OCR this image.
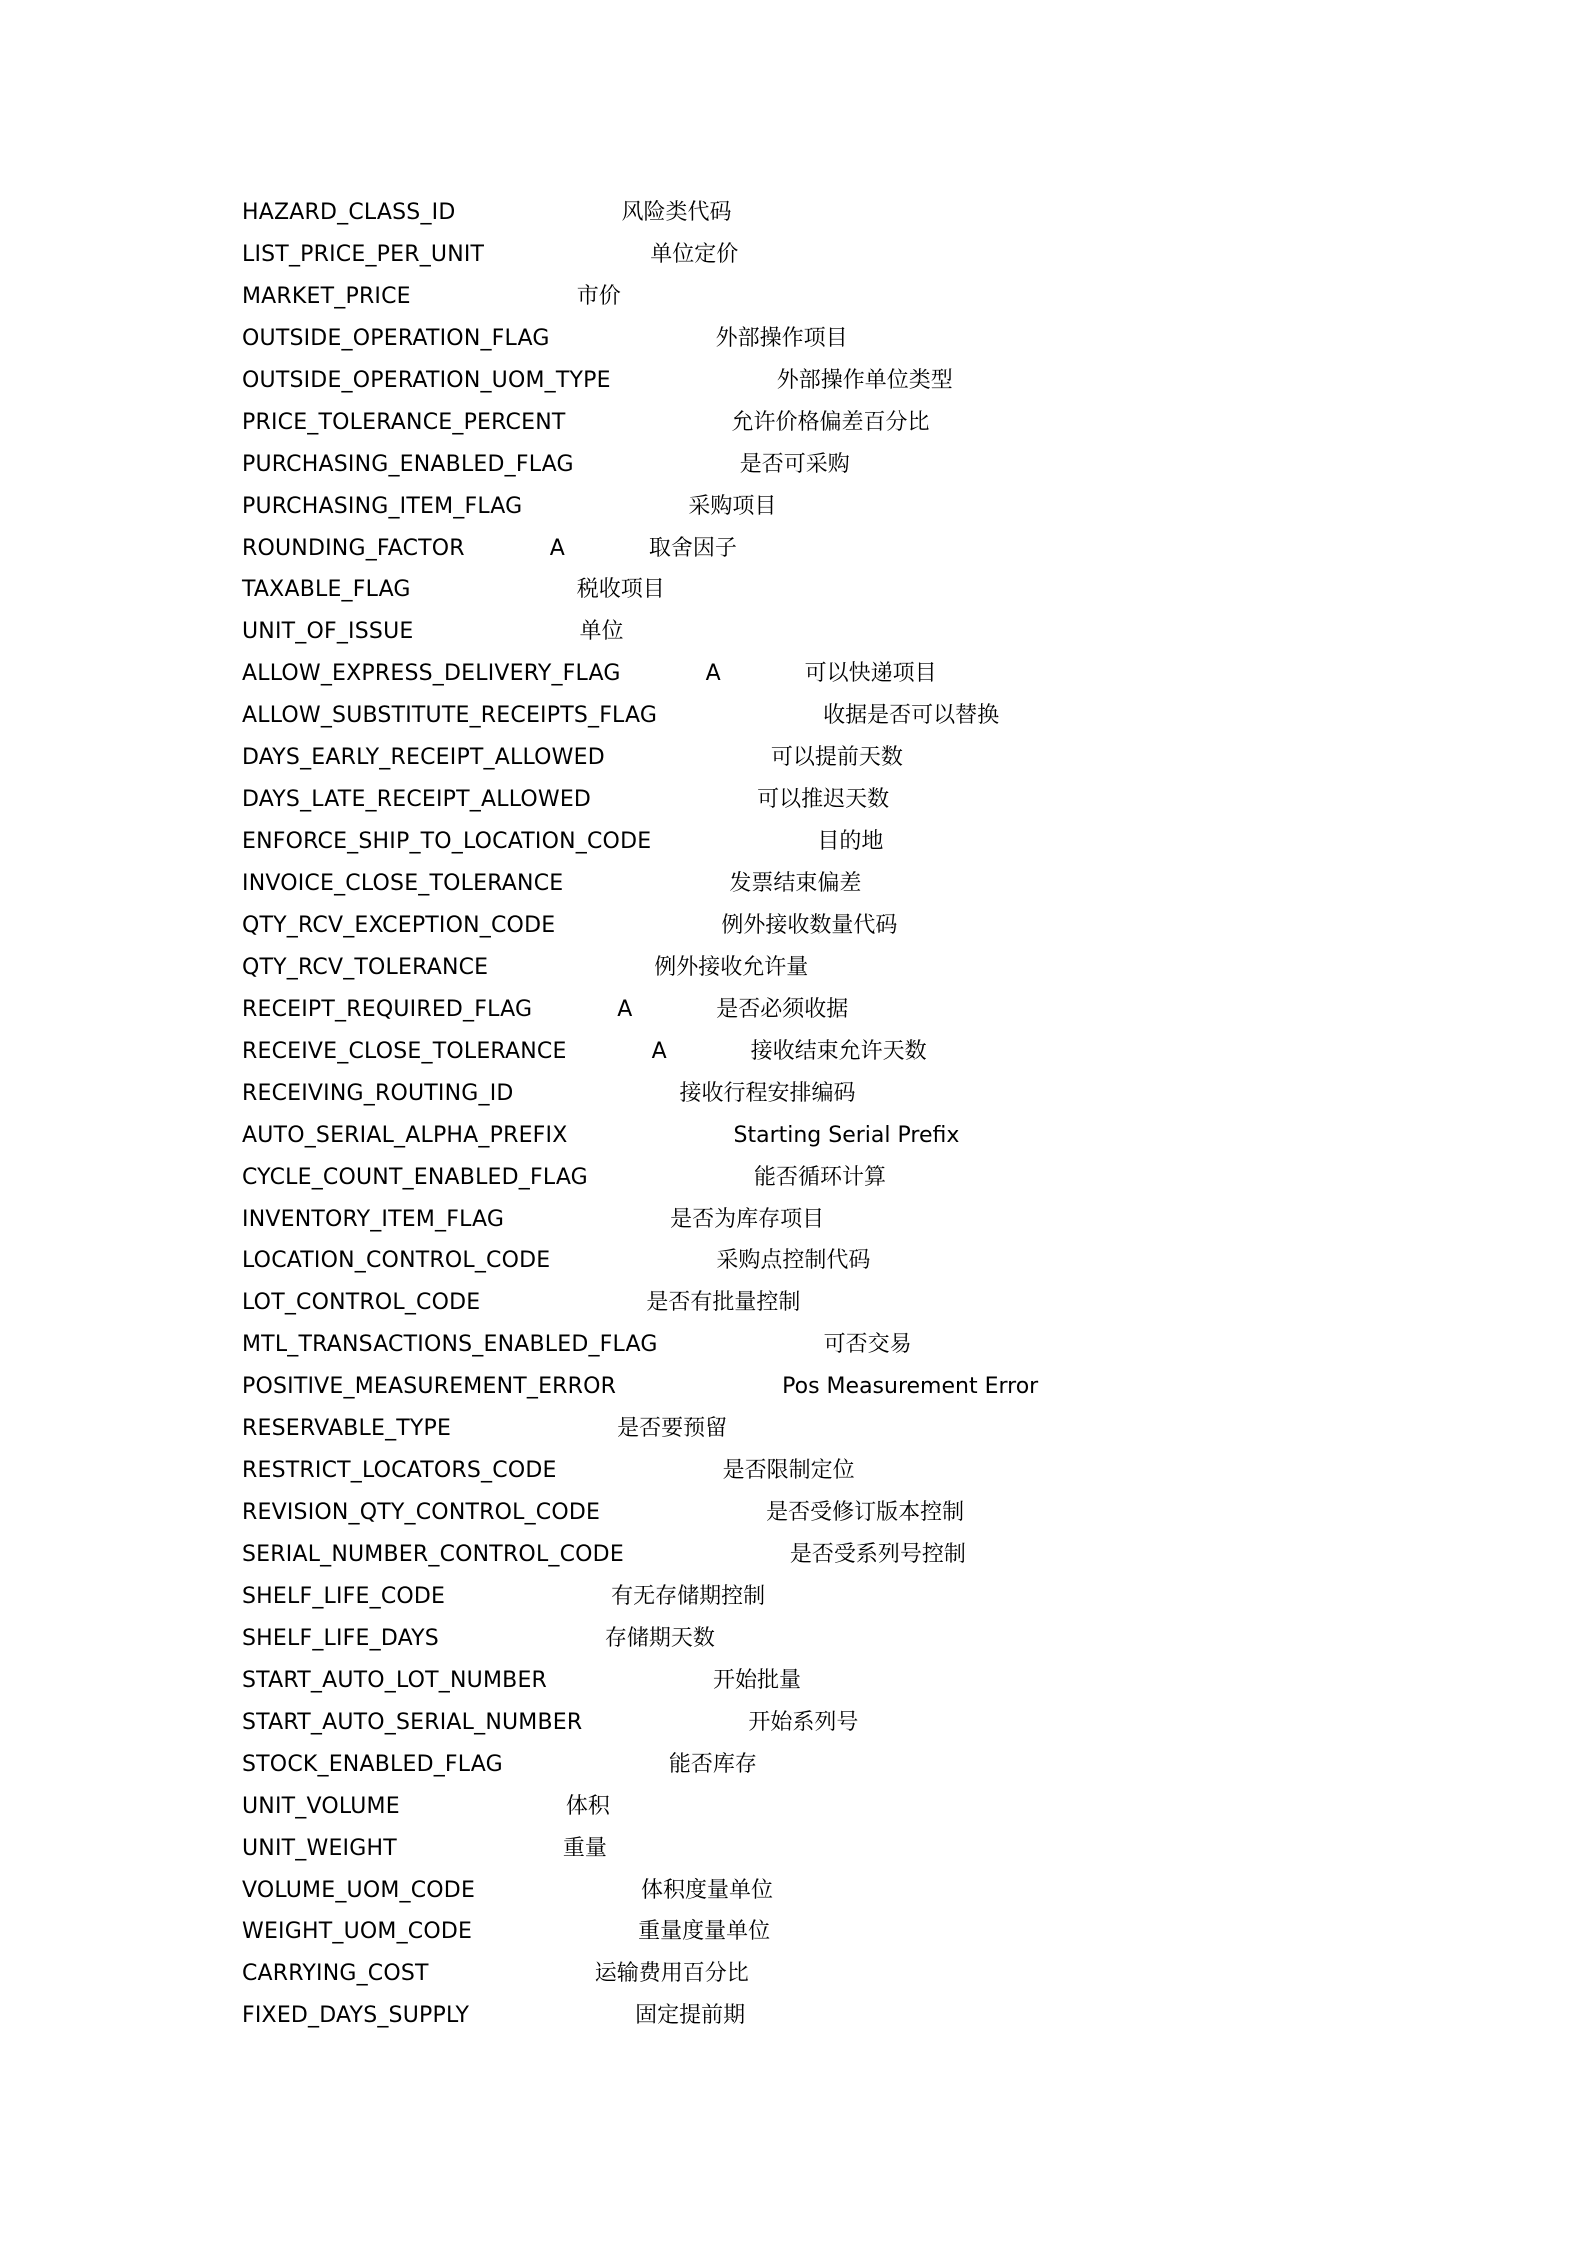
HAZARD_CLASS_ID	风险类代码
LIST_PRICE_PER_UNIT	单位定价
MARKET_PRICE	市价
OUTSIDE_OPERATION_FLAG	外部操作项目
OUTSIDE_OPERATION_UOM_TYPE	外部操作单位类型
PRICE_TOLERANCE_PERCENT	允许价格偏差百分比
PURCHASING_ENABLED_FLAG	是否可采购
PURCHASING_ITEM_FLAG	采购项目
ROUNDING_FACTOR	A	取舍因子
TAXABLE_FLAG	税收项目
UNIT_OF_ISSUE	单位
ALLOW_EXPRESS_DELIVERY_FLAG	A	可以快递项目
ALLOW_SUBSTITUTE_RECEIPTS_FLAG	收据是否可以替换
DAYS_EARLY_RECEIPT_ALLOWED	可以提前天数
DAYS_LATE_RECEIPT_ALLOWED	可以推迟天数
ENFORCE_SHIP_TO_LOCATION_CODE	目的地
INVOICE_CLOSE_TOLERANCE	发票结束偏差
QTY_RCV_EXCEPTION_CODE	例外接收数量代码
QTY_RCV_TOLERANCE	例外接收允许量
RECEIPT_REQUIRED_FLAG	A	是否必须收据
RECEIVE_CLOSE_TOLERANCE	A	接收结束允许天数
RECEIVING_ROUTING_ID	接收行程安排编码
AUTO_SERIAL_ALPHA_PREFIX	Starting Serial Prefix
CYCLE_COUNT_ENABLED_FLAG	能否循环计算
INVENTORY_ITEM_FLAG	是否为库存项目
LOCATION_CONTROL_CODE	采购点控制代码
LOT_CONTROL_CODE	是否有批量控制
MTL_TRANSACTIONS_ENABLED_FLAG	可否交易
POSITIVE_MEASUREMENT_ERROR	Pos Measurement Error
RESERVABLE_TYPE	是否要预留
RESTRICT_LOCATORS_CODE	是否限制定位
REVISION_QTY_CONTROL_CODE	是否受修订版本控制
SERIAL_NUMBER_CONTROL_CODE	是否受系列号控制
SHELF_LIFE_CODE	有无存储期控制
SHELF_LIFE_DAYS	存储期天数
START_AUTO_LOT_NUMBER	开始批量
START_AUTO_SERIAL_NUMBER	开始系列号
STOCK_ENABLED_FLAG	能否库存
UNIT_VOLUME	体积
UNIT_WEIGHT	重量
VOLUME_UOM_CODE	体积度量单位
WEIGHT_UOM_CODE	重量度量单位
CARRYING_COST	运输费用百分比
FIXED_DAYS_SUPPLY	固定提前期
